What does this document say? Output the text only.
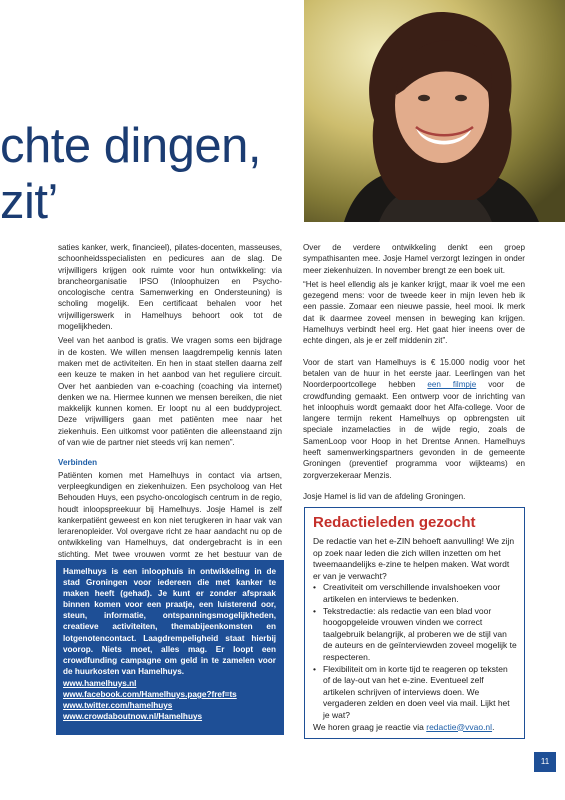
chte dingen,
zit’

saties kanker, werk, financieel), pilates-docenten, masseuses, schoonheidsspecialisten en pedicures aan de slag. De vrijwilligers krijgen ook ruimte voor hun ontwikkeling: via brancheorganisatie IPSO (Inloophuizen en Psycho-oncologische centra Samenwerking en Ondersteuning) is scholing mogelijk. Een certificaat behalen voor het vrijwilligerswerk in Hamelhuys behoort ook tot de mogelijkheden.

Veel van het aanbod is gratis. We vragen soms een bijdrage in de kosten. We willen mensen laagdrempelig kennis laten maken met de activiteiten. En hen in staat stellen daarna zelf een keuze te maken in het aanbod van het reguliere circuit. Over het aanbieden van e-coaching (coaching via internet) denken we na. Hiermee kunnen we mensen bereiken, die niet makkelijk kunnen komen. Er loopt nu al een buddyproject. Deze vrijwilligers gaan met patiënten mee naar het ziekenhuis. Een uitkomst voor patiënten die alleenstaand zijn of van wie de partner niet steeds vrij kan nemen”.

Verbinden

Patiënten komen met Hamelhuys in contact via artsen, verpleegkundigen en ziekenhuizen. Een psycholoog van Het Behouden Huys, een psycho-oncologisch centrum in de regio, houdt inloopspreekuur bij Hamelhuys. Josje Hamel is zelf kankerpatiënt geweest en kon niet terugkeren in haar vak van lerarenopleider. Vol overgave richt ze haar aandacht nu op de ontwikkeling van Hamelhuys, dat ondergebracht is in een stichting. Met twee vrouwen vormt ze het bestuur van de

Over de verdere ontwikkeling denkt een groep sympathisanten mee. Josje Hamel verzorgt lezingen in onder meer ziekenhuizen. In november brengt ze een boek uit.

“Het is heel ellendig als je kanker krijgt, maar ik voel me een gezegend mens: voor de tweede keer in mijn leven heb ik een passie. Zomaar een nieuwe passie, heel mooi. Ik merk dat ik daarmee zoveel mensen in beweging kan krijgen. Hamelhuys verbindt heel erg. Het gaat hier ineens over de echte dingen, als je er zelf middenin zit”.

Voor de start van Hamelhuys is € 15.000 nodig voor het betalen van de huur in het eerste jaar. Leerlingen van het Noorderpoortcollege hebben een filmpje voor de crowdfunding gemaakt. Een ontwerp voor de inrichting van het inloophuis wordt gemaakt door het Alfa-college. Voor de langere termijn rekent Hamelhuys op opbrengsten uit speciale inzamelacties in de wijde regio, zoals de SamenLoop voor Hoop in het Drentse Annen. Hamelhuys heeft samenwerkingspartners gevonden in de gemeente Groningen (preventief programma voor wijkteams) en zorgverzekeraar Menzis.

Josje Hamel is lid van de afdeling Groningen.

Hamelhuys is een inloophuis in ontwikkeling in de stad Groningen voor iedereen die met kanker te maken heeft (gehad). Je kunt er zonder afspraak binnen komen voor een praatje, een luisterend oor, steun, informatie, ontspanningsmogelijkheden, creatieve activiteiten, themabijeenkomsten en lotgenotencontact. Laagdrempeligheid staat hierbij voorop. Niets moet, alles mag. Er loopt een crowdfunding campagne om geld in te zamelen voor de huurkosten van Hamelhuys.

www.hamelhuys.nl
www.facebook.com/Hamelhuys.page?fref=ts
www.twitter.com/hamelhuys
www.crowdaboutnow.nl/Hamelhuys
Redactieleden gezocht

De redactie van het e-ZIN behoeft aanvulling! We zijn op zoek naar leden die zich willen inzetten om het tweemaandelijks e-zine te helpen maken. Wat wordt er van je verwacht?

• Creativiteit om verschillende invalshoeken voor artikelen en interviews te bedenken.
• Tekstredactie: als redactie van een blad voor hoogopgeleide vrouwen vinden we correct taalgebruik belangrijk, al proberen we de stijl van de auteurs en de geïnterviewden zoveel mogelijk te respecteren.
• Flexibiliteit om in korte tijd te reageren op teksten of de lay-out van het e-zine. Eventueel zelf artikelen schrijven of interviews doen. We vergaderen zelden en doen veel via mail. Lijkt het je wat?

We horen graag je reactie via redactie@vvao.nl.

11
